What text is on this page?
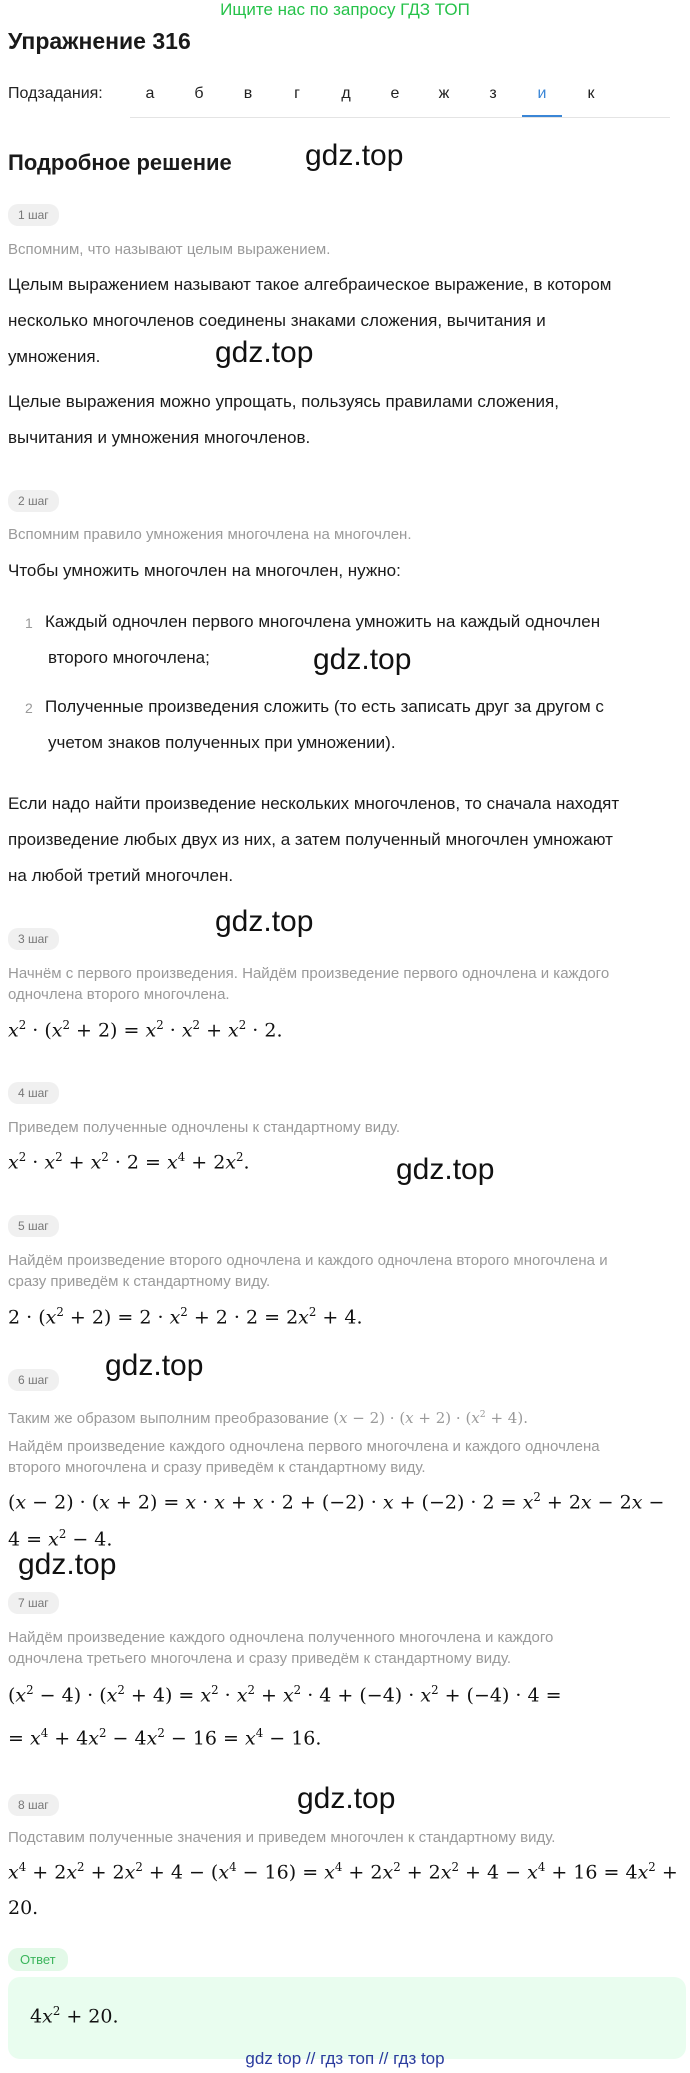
Ищите нас по запросу ГДЗ ТОП
Упражнение 316
Подзадания:	а	б	в	г	д	е	ж	з	и	к
Подробное решение gdz.top
1 шаг
Вспомним, что называют целым выражением.
Целым выражением называют такое алгебраическое выражение, в котором
несколько многочленов соединены знаками сложения, вычитания и
умножения.	gdz.top
Целые выражения можно упрощать, пользуясь правилами сложения,
вычитания и умножения многочленов.
2 шаг
Вспомним правило умножения многочлена на многочлен.
Чтобы умножить многочлен на многочлен, нужно:
1 Каждый одночлен первого многочлена умножить на каждый одночлен
второго многочлена;	gdz.top
2 Полученные произведения сложить (то есть записать друг за другом с
учетом знаков полученных при умножении).
Если надо найти произведение нескольких многочленов, то сначала находят
произведение любых двух из них, а затем полученный многочлен умножают
на любой третий многочлен.
gdz.top
3 шаг
Начнём с первого произведения. Найдём произведение первого одночлена и каждого
одночлена второго многочлена.
$x^2 \cdot (x^2 + 2) = x^2 \cdot x^2 + x^2 \cdot 2$.
4 шаг
Приведем полученные одночлены к стандартному виду.
$x^2 \cdot x^2 + x^2 \cdot 2 = x^4 + 2x^2$.	gdz.top
5 шаг
Найдём произведение второго одночлена и каждого одночлена второго многочлена и
сразу приведём к стандартному виду.
$2 \cdot (x^2 + 2) = 2 \cdot x^2 + 2 \cdot 2 = 2x^2 + 4$.
gdz.top
6 шаг
Таким же образом выполним преобразование $(x - 2) \cdot (x + 2) \cdot (x^2 + 4)$.
Найдём произведение каждого одночлена первого многочлена и каждого одночлена
второго многочлена и сразу приведём к стандартному виду.
$(x - 2) \cdot (x + 2) = x \cdot x + x \cdot 2 + (-2) \cdot x + (-2) \cdot 2 = x^2 + 2x - 2x$ −
$4 = x^2 - 4$.
gdz.top
7 шаг
Найдём произведение каждого одночлена полученного многочлена и каждого
одночлена третьего многочлена и сразу приведём к стандартному виду.
$(x^2 - 4) \cdot (x^2 + 4) = x^2 \cdot x^2 + x^2 \cdot 4 + (-4) \cdot x^2 + (-4) \cdot 4$ =
= $x^4 + 4x^2 - 4x^2 - 16 = x^4 - 16$.
gdz.top
8 шаг
Подставим полученные значения и приведем многочлен к стандартному виду.
$x^4 + 2x^2 + 2x^2 + 4 - (x^4 - 16) = x^4 + 2x^2 + 2x^2 + 4 - x^4 + 16 = 4x^2$ +
20.
Ответ
$4x^2 + 20$.
gdz top // гдз топ // гдз top
